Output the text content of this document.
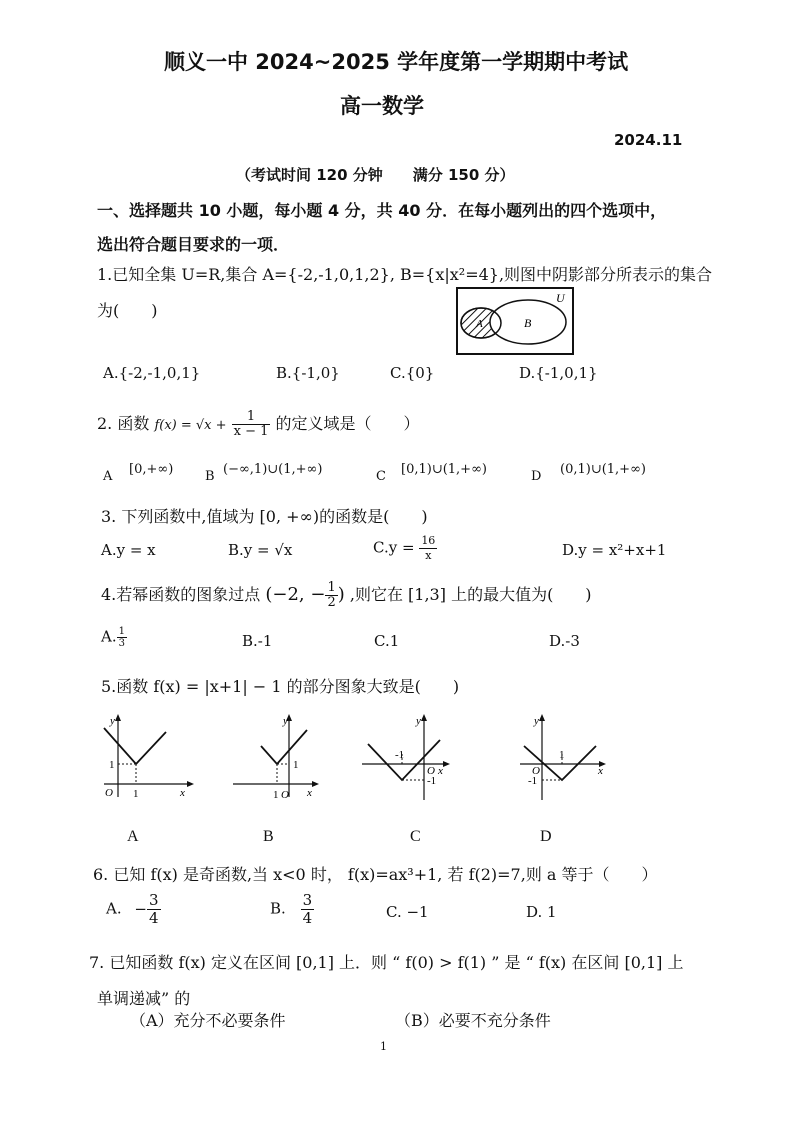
顺义一中 2024~2025 学年度第一学期期中考试
高一数学
2024.11
（考试时间 120 分钟　　满分 150 分）
一、选择题共 10 小题，每小题 4 分，共 40 分．在每小题列出的四个选项中，
选出符合题目要求的一项．
1.已知全集 U=R,集合 A={-2,-1,0,1,2}, B={x|x²=4},则图中阴影部分所表示的集合
为(　　)
U
A	B
A.{-2,-1,0,1}	B.{-1,0}	C.{0}	D.{-1,0,1}
2. 函数 $f(x) = √x + \frac{1}{x - 1}$ 的定义域是（　　）
A [0,+∞) B (−∞,1)∪(1,+∞)	C [0,1)∪(1,+∞)	D (0,1)∪(1,+∞)
3. 下列函数中,值域为 [0, +∞)的函数是(　　)
A.y = x	B.y = √x	$C.y = \frac{16}{x}$	D.y = x²+x+1
4.若幂函数的图象过点 (−2, − $\frac{1}{2}$ ) ,则它在 [1,3] 上的最大值为(　　)
A. $\frac{1}{3}$	B.-1	C.1	D.-3
5.函数 f(x) = |x+1| − 1 的部分图象大致是(　　)
y
x
O
1
1
y
x
O
1
1
y
x
O
-1
-1
y
x
O
1
-1
A	B	C	D
6. 已知 f(x) 是奇函数,当 x<0 时， f(x)=ax³+1, 若 f(2)=7,则 a 等于（　　）
A. − $\frac{3}{4}$	B. $\frac{3}{4}$	C. −1	D. 1
7. 已知函数 f(x) 定义在区间 [0,1] 上．则 “ f(0) > f(1) ” 是 “ f(x) 在区间 [0,1] 上
单调递减” 的
（A）充分不必要条件	（B）必要不充分条件
1
